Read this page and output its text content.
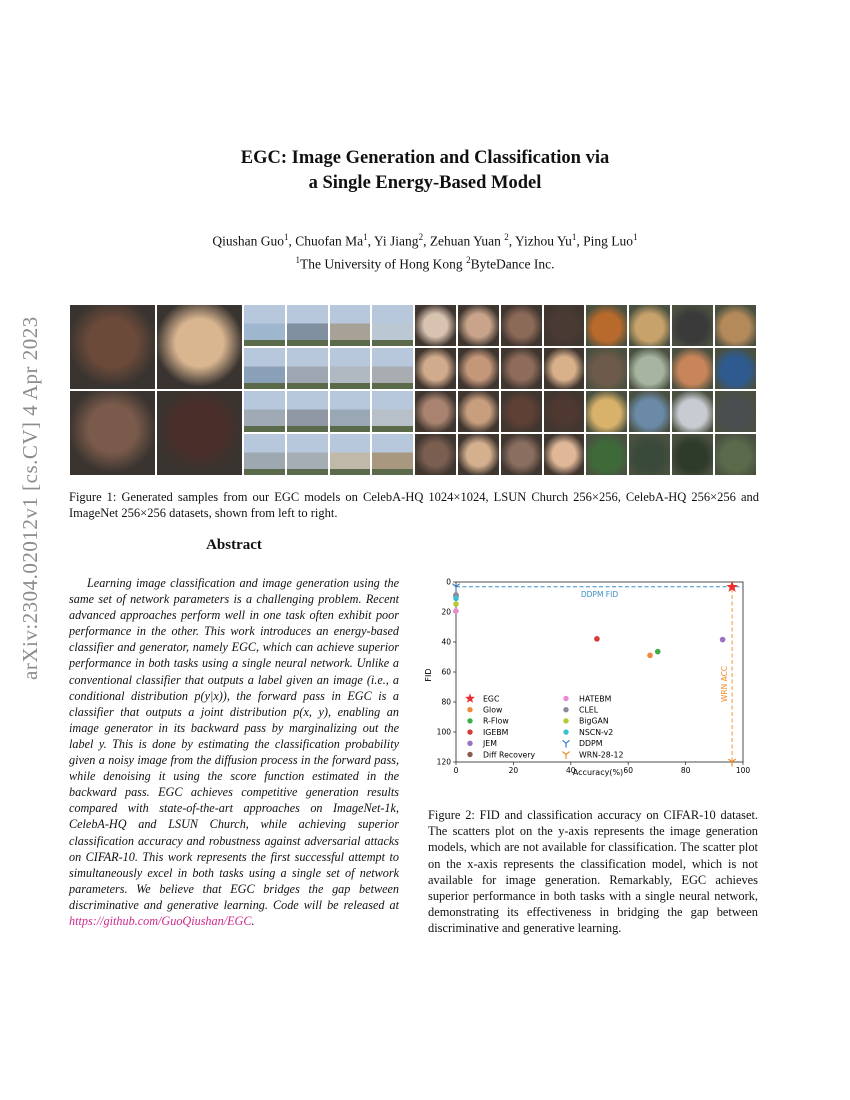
arXiv:2304.02012v1 [cs.CV] 4 Apr 2023
EGC: Image Generation and Classification via
a Single Energy-Based Model
Qiushan Guo$^1$, Chuofan Ma$^1$, Yi Jiang$^2$, Zehuan Yuan $^2$, Yizhou Yu$^1$, Ping Luo$^1$
$^1$The University of Hong Kong $^2$ByteDance Inc.
Figure 1: Generated samples from our EGC models on CelebA-HQ 1024×1024, LSUN Church 256×256, CelebA-HQ 256×256 and ImageNet 256×256 datasets, shown from left to right.
Abstract

Learning image classification and image generation using the same set of network parameters is a challenging problem. Recent advanced approaches perform well in one task often exhibit poor performance in the other. This work introduces an energy-based classifier and generator, namely EGC, which can achieve superior performance in both tasks using a single neural network. Unlike a conventional classifier that outputs a label given an image (i.e., a conditional distribution p(y|x)), the forward pass in EGC is a classifier that outputs a joint distribution p(x, y), enabling an image generator in its backward pass by marginalizing out the label y. This is done by estimating the classification probability given a noisy image from the diffusion process in the forward pass, while denoising it using the score function estimated in the backward pass. EGC achieves competitive generation results compared with state-of-the-art approaches on ImageNet-1k, CelebA-HQ and LSUN Church, while achieving superior classification accuracy and robustness against adversarial attacks on CIFAR-10. This work represents the first successful attempt to simultaneously excel in both tasks using a single set of network parameters. We believe that EGC bridges the gap between discriminative and generative learning. Code will be released at https://github.com/GuoQiushan/EGC.

0	20	40	60	80	100
0
20
40
60
80
100
120
DDPM FID
WRN ACC
EGC
Glow
R-Flow
IGEBM
JEM
Diff Recovery
HATEBM
CLEL
BigGAN
NSCN-v2
DDPM
WRN-28-12
Accuracy(%)
FID
Figure 2: FID and classification accuracy on CIFAR-10 dataset. The scatters plot on the y-axis represents the image generation models, which are not available for classification. The scatter plot on the x-axis represents the classification model, which is not available for image generation. Remarkably, EGC achieves superior performance in both tasks with a single neural network, demonstrating its effectiveness in bridging the gap between discriminative and generative learning.
